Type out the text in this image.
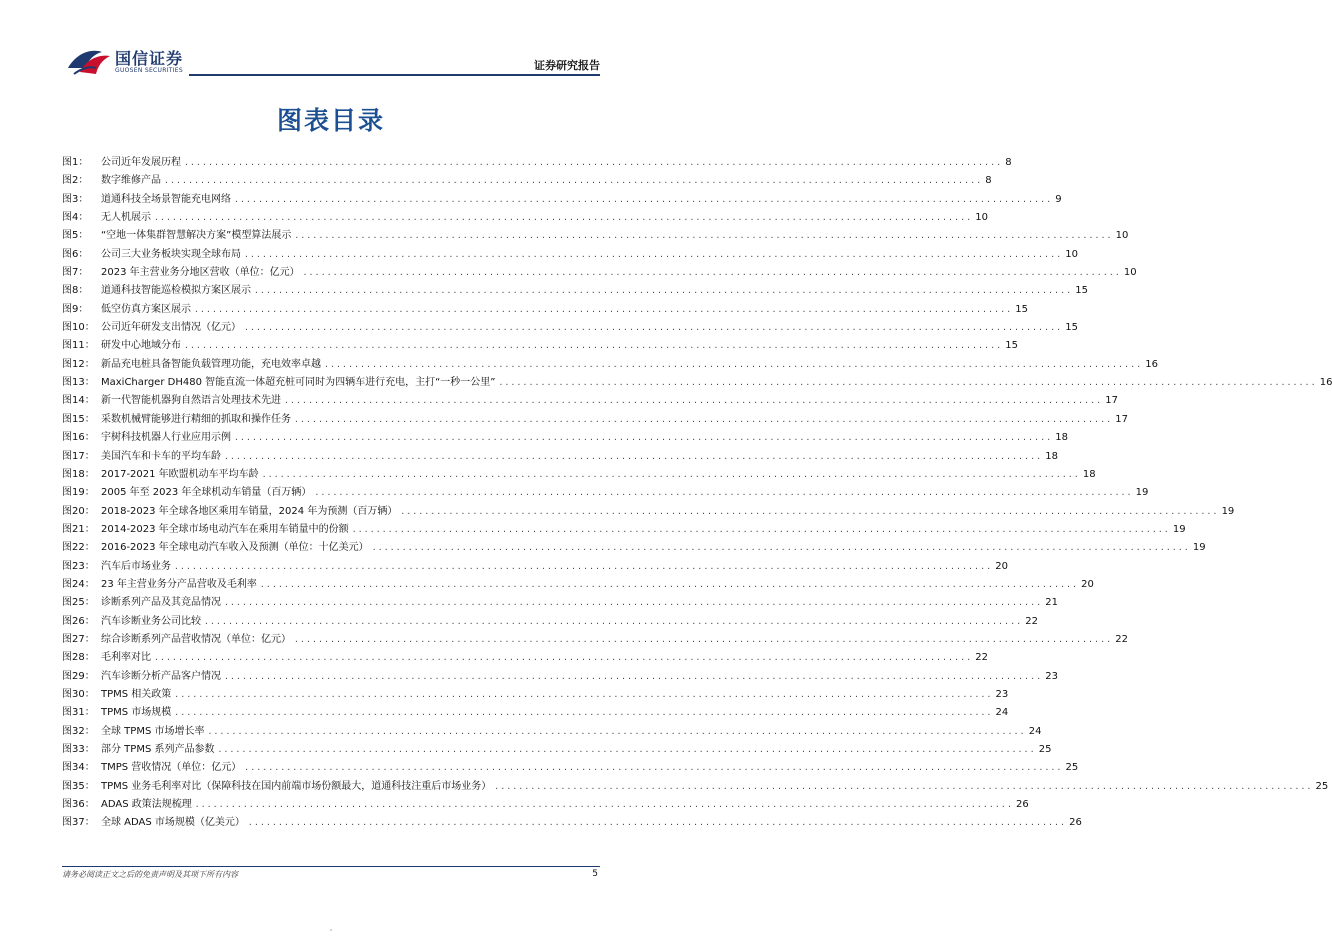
国信证券
GUOSEN SECURITIES	证券研究报告
图表目录
图1：	公司近年发展历程 ........................................................................................................................................ 8
图2：	数字维修产品 ........................................................................................................................................ 8
图3：	道通科技全场景智能充电网络 ........................................................................................................................................ 9
图4：	无人机展示 ........................................................................................................................................ 10
图5：	“空地一体集群智慧解决方案”模型算法展示 ........................................................................................................................................ 10
图6：	公司三大业务板块实现全球布局 ........................................................................................................................................ 10
图7：	2023 年主营业务分地区营收（单位：亿元） ........................................................................................................................................ 10
图8：	道通科技智能巡检模拟方案区展示 ........................................................................................................................................ 15
图9：	低空仿真方案区展示 ........................................................................................................................................ 15
图10： 公司近年研发支出情况（亿元） ........................................................................................................................................ 15
图11： 研发中心地域分布 ........................................................................................................................................ 15
图12： 新品充电桩具备智能负载管理功能，充电效率卓越 ........................................................................................................................................ 16
图13： MaxiCharger DH480 智能直流一体超充桩可同时为四辆车进行充电，主打“一秒一公里” ........................................................................................................................................ 16
图14： 新一代智能机器狗自然语言处理技术先进 ........................................................................................................................................ 17
图15： 采数机械臂能够进行精细的抓取和操作任务 ........................................................................................................................................ 17
图16： 宇树科技机器人行业应用示例 ........................................................................................................................................ 18
图17： 美国汽车和卡车的平均车龄 ........................................................................................................................................ 18
图18： 2017-2021 年欧盟机动车平均车龄 ........................................................................................................................................ 18
图19： 2005 年至 2023 年全球机动车销量（百万辆） ........................................................................................................................................ 19
图20： 2018-2023 年全球各地区乘用车销量，2024 年为预测（百万辆） ........................................................................................................................................ 19
图21： 2014-2023 年全球市场电动汽车在乘用车销量中的份额 ........................................................................................................................................ 19
图22： 2016-2023 年全球电动汽车收入及预测（单位：十亿美元） ........................................................................................................................................ 19
图23： 汽车后市场业务 ........................................................................................................................................ 20
图24： 23 年主营业务分产品营收及毛利率 ........................................................................................................................................ 20
图25： 诊断系列产品及其竞品情况 ........................................................................................................................................ 21
图26： 汽车诊断业务公司比较 ........................................................................................................................................ 22
图27： 综合诊断系列产品营收情况（单位：亿元） ........................................................................................................................................ 22
图28： 毛利率对比 ........................................................................................................................................ 22
图29： 汽车诊断分析产品客户情况 ........................................................................................................................................ 23
图30： TPMS 相关政策 ........................................................................................................................................ 23
图31： TPMS 市场规模 ........................................................................................................................................ 24
图32： 全球 TPMS 市场增长率 ........................................................................................................................................ 24
图33： 部分 TPMS 系列产品参数 ........................................................................................................................................ 25
图34： TMPS 营收情况（单位：亿元） ........................................................................................................................................ 25
图35： TPMS 业务毛利率对比（保障科技在国内前端市场份额最大，道通科技注重后市场业务） ........................................................................................................................................ 25
图36： ADAS 政策法规梳理 ........................................................................................................................................ 26
图37： 全球 ADAS 市场规模（亿美元） ........................................................................................................................................ 26
请务必阅读正文之后的免责声明及其项下所有内容	5
